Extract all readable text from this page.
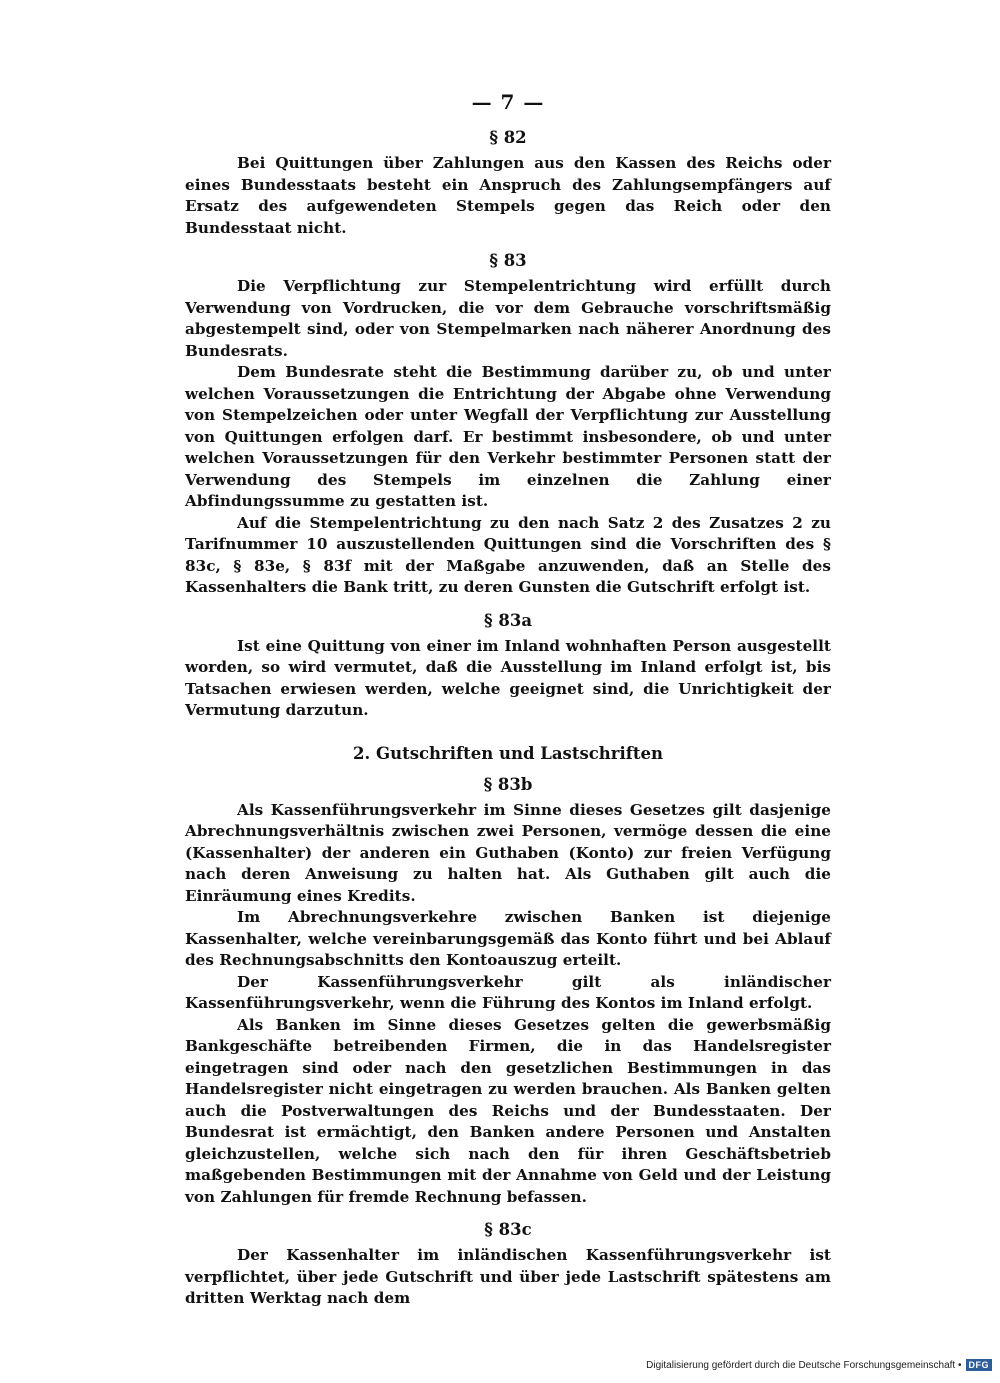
— 7 —
§ 82

Bei Quittungen über Zahlungen aus den Kassen des Reichs oder eines Bundesstaats besteht ein Anspruch des Zahlungsempfängers auf Ersatz des aufgewendeten Stempels gegen das Reich oder den Bundesstaat nicht.

§ 83

Die Verpflichtung zur Stempelentrichtung wird erfüllt durch Verwendung von Vordrucken, die vor dem Gebrauche vorschriftsmäßig abgestempelt sind, oder von Stempelmarken nach näherer Anordnung des Bundesrats.

Dem Bundesrate steht die Bestimmung darüber zu, ob und unter welchen Voraussetzungen die Entrichtung der Abgabe ohne Verwendung von Stempelzeichen oder unter Wegfall der Verpflichtung zur Ausstellung von Quittungen erfolgen darf. Er bestimmt insbesondere, ob und unter welchen Voraussetzungen für den Verkehr bestimmter Personen statt der Verwendung des Stempels im einzelnen die Zahlung einer Abfindungssumme zu gestatten ist.

Auf die Stempelentrichtung zu den nach Satz 2 des Zusatzes 2 zu Tarifnummer 10 auszustellenden Quittungen sind die Vorschriften des § 83c, § 83e, § 83f mit der Maßgabe anzuwenden, daß an Stelle des Kassenhalters die Bank tritt, zu deren Gunsten die Gutschrift erfolgt ist.

§ 83a

Ist eine Quittung von einer im Inland wohnhaften Person ausgestellt worden, so wird vermutet, daß die Ausstellung im Inland erfolgt ist, bis Tatsachen erwiesen werden, welche geeignet sind, die Unrichtigkeit der Vermutung darzutun.

2. Gutschriften und Lastschriften
§ 83b

Als Kassenführungsverkehr im Sinne dieses Gesetzes gilt dasjenige Abrechnungsverhältnis zwischen zwei Personen, vermöge dessen die eine (Kassenhalter) der anderen ein Guthaben (Konto) zur freien Verfügung nach deren Anweisung zu halten hat. Als Guthaben gilt auch die Einräumung eines Kredits.

Im Abrechnungsverkehre zwischen Banken ist diejenige Kassenhalter, welche vereinbarungsgemäß das Konto führt und bei Ablauf des Rechnungsabschnitts den Kontoauszug erteilt.

Der Kassenführungsverkehr gilt als inländischer Kassenführungsverkehr, wenn die Führung des Kontos im Inland erfolgt.

Als Banken im Sinne dieses Gesetzes gelten die gewerbsmäßig Bankgeschäfte betreibenden Firmen, die in das Handelsregister eingetragen sind oder nach den gesetzlichen Bestimmungen in das Handelsregister nicht eingetragen zu werden brauchen. Als Banken gelten auch die Postverwaltungen des Reichs und der Bundesstaaten. Der Bundesrat ist ermächtigt, den Banken andere Personen und Anstalten gleichzustellen, welche sich nach den für ihren Geschäftsbetrieb maßgebenden Bestimmungen mit der Annahme von Geld und der Leistung von Zahlungen für fremde Rechnung befassen.

§ 83c

Der Kassenhalter im inländischen Kassenführungsverkehr ist verpflichtet, über jede Gutschrift und über jede Lastschrift spätestens am dritten Werktag nach dem

Digitalisierung gefördert durch die Deutsche Forschungsgemeinschaft • DFG
